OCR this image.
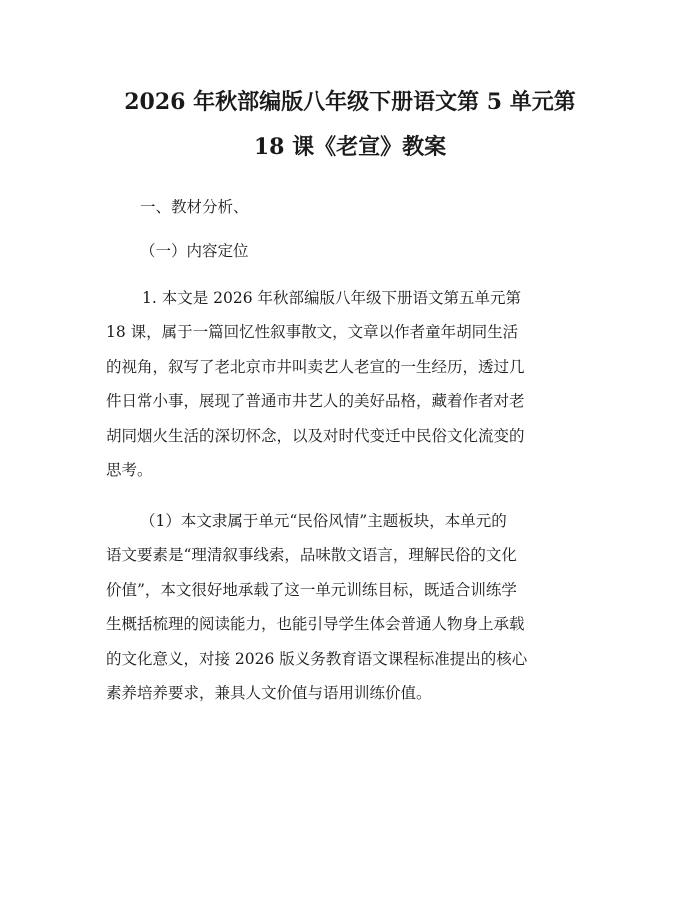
2026 年秋部编版八年级下册语文第 5 单元第
18 课《老宣》教案

一、教材分析、

（一）内容定位

1. 本文是 2026 年秋部编版八年级下册语文第五单元第

18 课，属于一篇回忆性叙事散文，文章以作者童年胡同生活

的视角，叙写了老北京市井叫卖艺人老宣的一生经历，透过几

件日常小事，展现了普通市井艺人的美好品格，藏着作者对老

胡同烟火生活的深切怀念，以及对时代变迁中民俗文化流变的

思考。

（1）本文隶属于单元“民俗风情”主题板块，本单元的

语文要素是“理清叙事线索，品味散文语言，理解民俗的文化

价值”，本文很好地承载了这一单元训练目标，既适合训练学

生概括梳理的阅读能力，也能引导学生体会普通人物身上承载

的文化意义，对接 2026 版义务教育语文课程标准提出的核心

素养培养要求，兼具人文价值与语用训练价值。
